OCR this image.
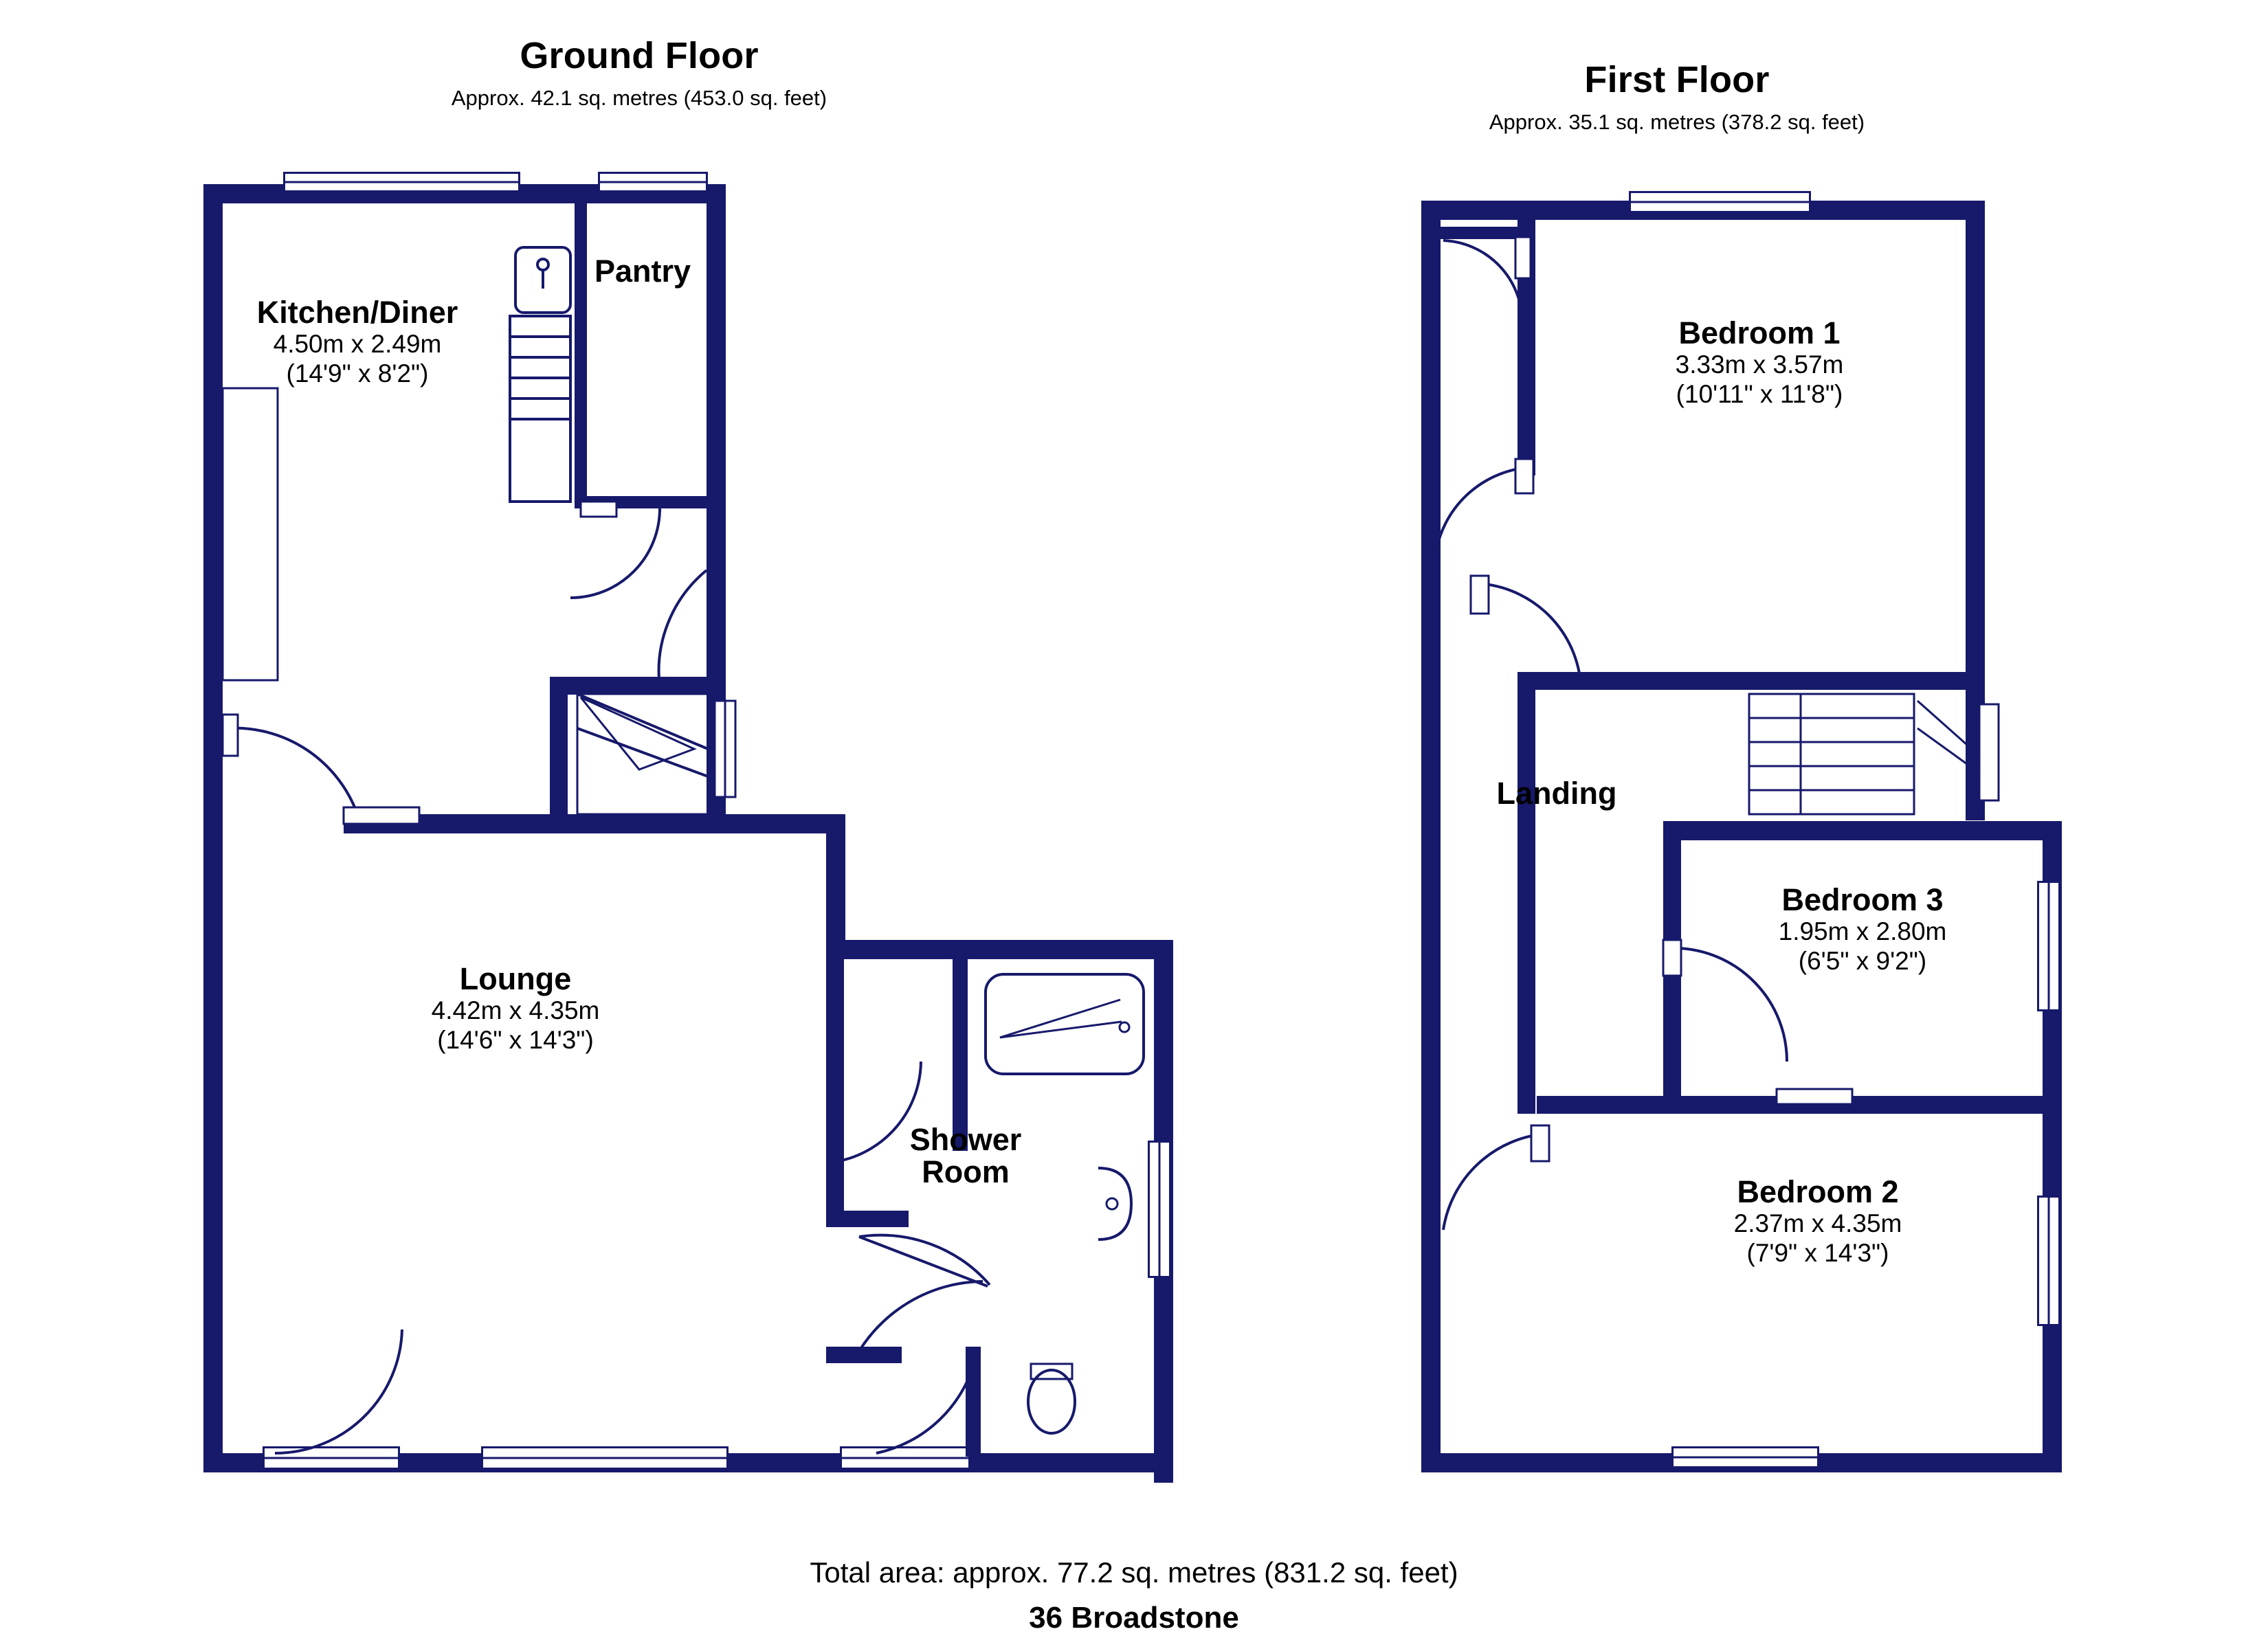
Ground Floor
Approx. 42.1 sq. metres (453.0 sq. feet)	First Floor
Approx. 35.1 sq. metres (378.2 sq. feet)
Kitchen/Diner
4.50m x 2.49m
(14'9" x 8'2")
Pantry
Lounge
4.42m x 4.35m
(14'6" x 14'3")
Shower
Room
Bedroom 1
3.33m x 3.57m
(10'11" x 11'8")
Landing
Bedroom 3
1.95m x 2.80m
(6'5" x 9'2")
Bedroom 2
2.37m x 4.35m
(7'9" x 14'3")
Total area: approx. 77.2 sq. metres (831.2 sq. feet)
36 Broadstone
